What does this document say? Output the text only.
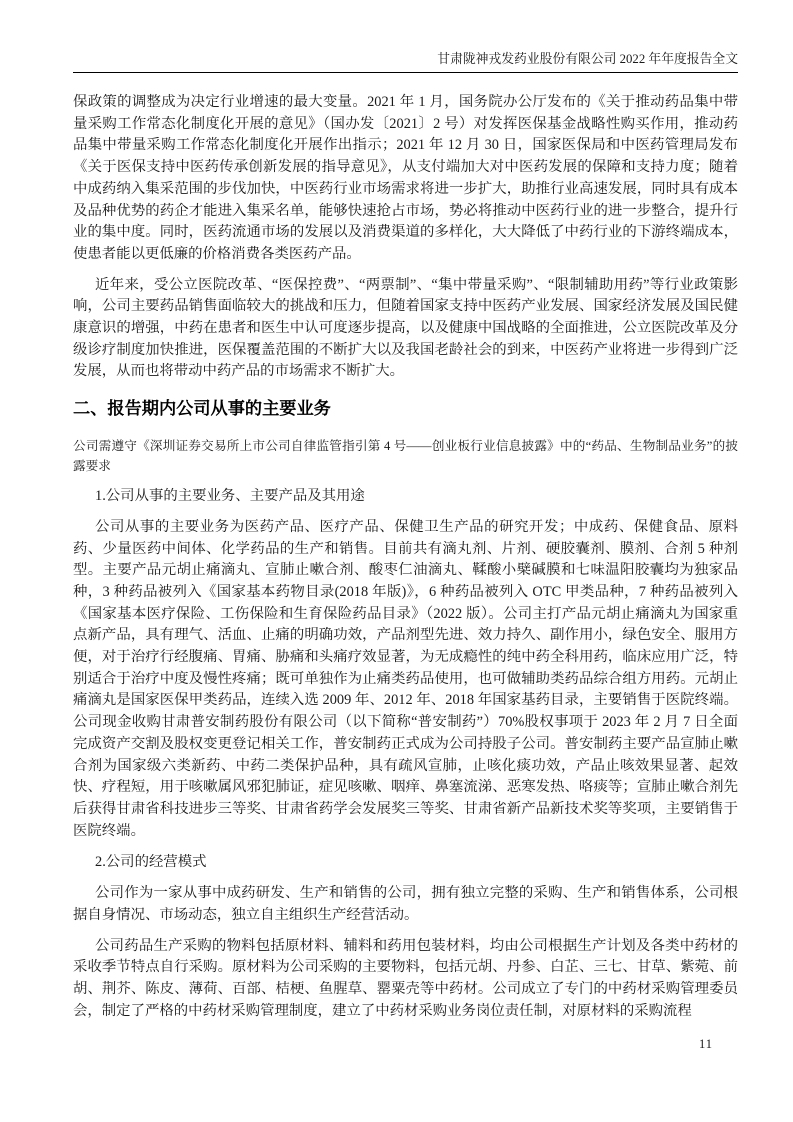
甘肃陇神戎发药业股份有限公司 2022 年年度报告全文

保政策的调整成为决定行业增速的最大变量。2021 年 1 月，国务院办公厅发布的《关于推动药品集中带量采购工作常态化制度化开展的意见》（国办发〔2021〕2 号）对发挥医保基金战略性购买作用，推动药品集中带量采购工作常态化制度化开展作出指示；2021 年 12 月 30 日，国家医保局和中医药管理局发布《关于医保支持中医药传承创新发展的指导意见》，从支付端加大对中医药发展的保障和支持力度；随着中成药纳入集采范围的步伐加快，中医药行业市场需求将进一步扩大，助推行业高速发展，同时具有成本及品种优势的药企才能进入集采名单，能够快速抢占市场，势必将推动中医药行业的进一步整合，提升行业的集中度。同时，医药流通市场的发展以及消费渠道的多样化，大大降低了中药行业的下游终端成本，使患者能以更低廉的价格消费各类医药产品。

近年来，受公立医院改革、“医保控费”、“两票制”、“集中带量采购”、“限制辅助用药”等行业政策影响，公司主要药品销售面临较大的挑战和压力，但随着国家支持中医药产业发展、国家经济发展及国民健康意识的增强，中药在患者和医生中认可度逐步提高，以及健康中国战略的全面推进，公立医院改革及分级诊疗制度加快推进，医保覆盖范围的不断扩大以及我国老龄社会的到来，中医药产业将进一步得到广泛发展，从而也将带动中药产品的市场需求不断扩大。

二、报告期内公司从事的主要业务

公司需遵守《深圳证券交易所上市公司自律监管指引第 4 号——创业板行业信息披露》中的“药品、生物制品业务”的披露要求

1.公司从事的主要业务、主要产品及其用途

公司从事的主要业务为医药产品、医疗产品、保健卫生产品的研究开发；中成药、保健食品、原料药、少量医药中间体、化学药品的生产和销售。目前共有滴丸剂、片剂、硬胶囊剂、膜剂、合剂 5 种剂型。主要产品元胡止痛滴丸、宣肺止嗽合剂、酸枣仁油滴丸、鞣酸小檗碱膜和七味温阳胶囊均为独家品种，3 种药品被列入《国家基本药物目录(2018 年版)》，6 种药品被列入 OTC 甲类品种，7 种药品被列入《国家基本医疗保险、工伤保险和生育保险药品目录》（2022 版）。公司主打产品元胡止痛滴丸为国家重点新产品，具有理气、活血、止痛的明确功效，产品剂型先进、效力持久、副作用小，绿色安全、服用方便，对于治疗行经腹痛、胃痛、胁痛和头痛疗效显著，为无成瘾性的纯中药全科用药，临床应用广泛，特别适合于治疗中度及慢性疼痛；既可单独作为止痛类药品使用，也可做辅助类药品综合组方用药。元胡止痛滴丸是国家医保甲类药品，连续入选 2009 年、2012 年、2018 年国家基药目录，主要销售于医院终端。公司现金收购甘肃普安制药股份有限公司（以下简称“普安制药”）70%股权事项于 2023 年 2 月 7 日全面完成资产交割及股权变更登记相关工作，普安制药正式成为公司持股子公司。普安制药主要产品宣肺止嗽合剂为国家级六类新药、中药二类保护品种，具有疏风宣肺，止咳化痰功效，产品止咳效果显著、起效快、疗程短，用于咳嗽属风邪犯肺证，症见咳嗽、咽痒、鼻塞流涕、恶寒发热、咯痰等；宣肺止嗽合剂先后获得甘肃省科技进步三等奖、甘肃省药学会发展奖三等奖、甘肃省新产品新技术奖等奖项，主要销售于医院终端。

2.公司的经营模式

公司作为一家从事中成药研发、生产和销售的公司，拥有独立完整的采购、生产和销售体系，公司根据自身情况、市场动态，独立自主组织生产经营活动。

公司药品生产采购的物料包括原材料、辅料和药用包装材料，均由公司根据生产计划及各类中药材的采收季节特点自行采购。原材料为公司采购的主要物料，包括元胡、丹参、白芷、三七、甘草、紫菀、前胡、荆芥、陈皮、薄荷、百部、桔梗、鱼腥草、罂粟壳等中药材。公司成立了专门的中药材采购管理委员会，制定了严格的中药材采购管理制度，建立了中药材采购业务岗位责任制，对原材料的采购流程

11
